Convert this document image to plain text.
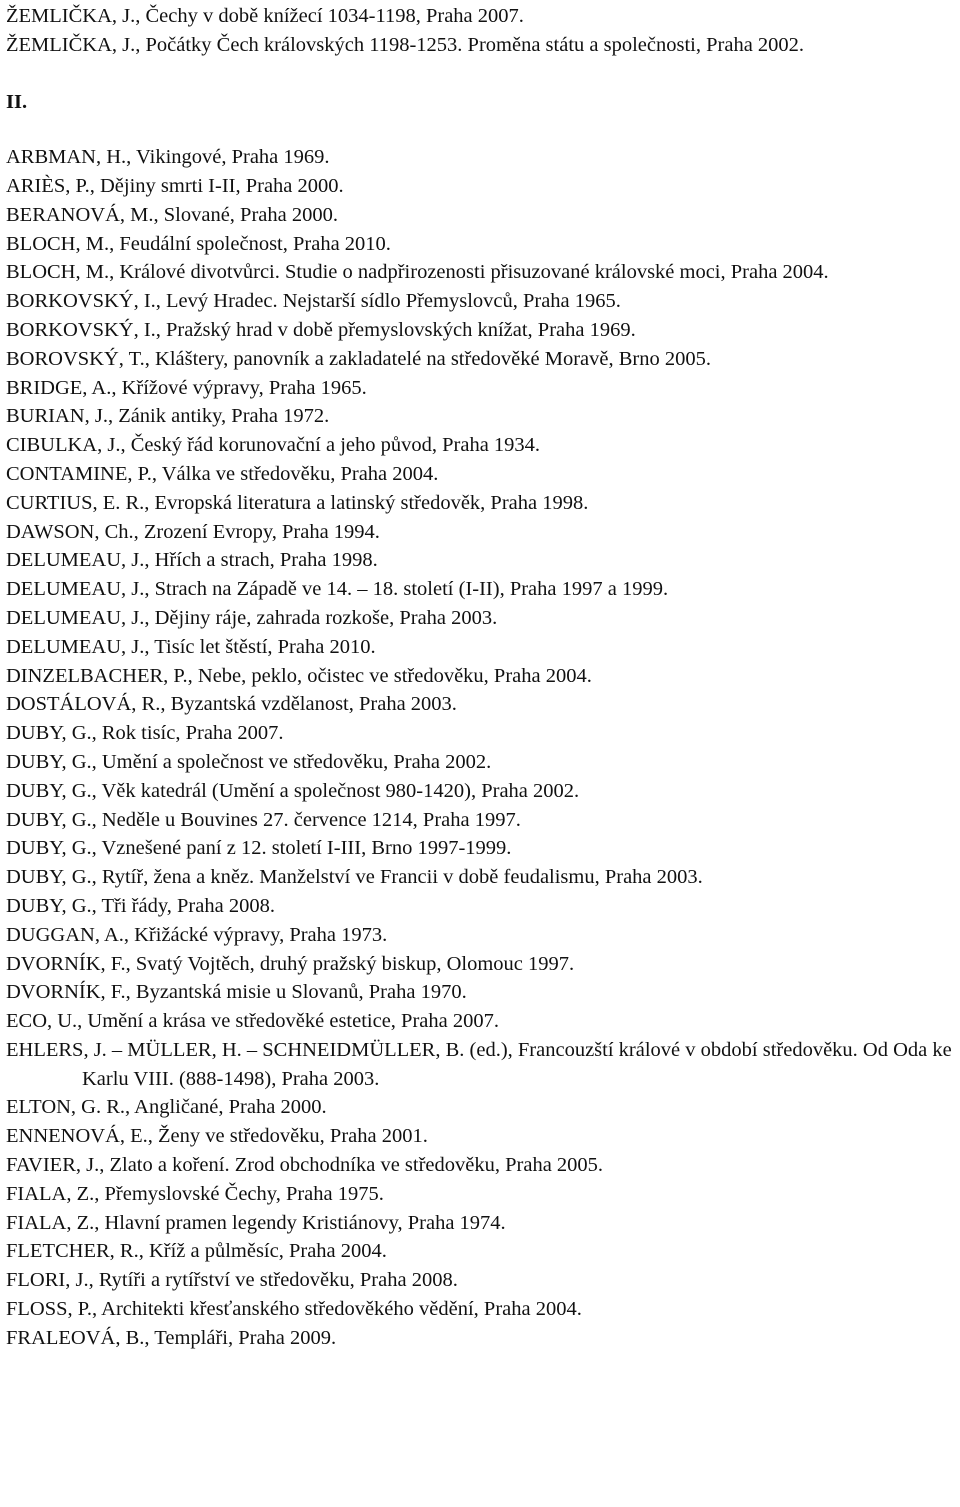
ŽEMLIČKA, J., Čechy v době knížecí 1034-1198, Praha 2007.

ŽEMLIČKA, J., Počátky Čech královských 1198-1253. Proměna státu a společnosti, Praha 2002.

II.

ARBMAN, H., Vikingové, Praha 1969.

ARIÈS, P., Dějiny smrti I-II, Praha 2000.

BERANOVÁ, M., Slované, Praha 2000.

BLOCH, M., Feudální společnost, Praha 2010.

BLOCH, M., Králové divotvůrci. Studie o nadpřirozenosti přisuzované královské moci, Praha 2004.

BORKOVSKÝ, I., Levý Hradec. Nejstarší sídlo Přemyslovců, Praha 1965.

BORKOVSKÝ, I., Pražský hrad v době přemyslovských knížat, Praha 1969.

BOROVSKÝ, T., Kláštery, panovník a zakladatelé na středověké Moravě, Brno 2005.

BRIDGE, A., Křížové výpravy, Praha 1965.

BURIAN, J., Zánik antiky, Praha 1972.

CIBULKA, J., Český řád korunovační a jeho původ, Praha 1934.

CONTAMINE, P., Válka ve středověku, Praha 2004.

CURTIUS, E. R., Evropská literatura a latinský středověk, Praha 1998.

DAWSON, Ch., Zrození Evropy, Praha 1994.

DELUMEAU, J., Hřích a strach, Praha 1998.

DELUMEAU, J., Strach na Západě ve 14. – 18. století (I-II), Praha 1997 a 1999.

DELUMEAU, J., Dějiny ráje, zahrada rozkoše, Praha 2003.

DELUMEAU, J., Tisíc let štěstí, Praha 2010.

DINZELBACHER, P., Nebe, peklo, očistec ve středověku, Praha 2004.

DOSTÁLOVÁ, R., Byzantská vzdělanost, Praha 2003.

DUBY, G., Rok tisíc, Praha 2007.

DUBY, G., Umění a společnost ve středověku, Praha 2002.

DUBY, G., Věk katedrál (Umění a společnost 980-1420), Praha 2002.

DUBY, G., Neděle u Bouvines 27. července 1214, Praha 1997.

DUBY, G., Vznešené paní z 12. století I-III, Brno 1997-1999.

DUBY, G., Rytíř, žena a kněz. Manželství ve Francii v době feudalismu, Praha 2003.

DUBY, G., Tři řády, Praha 2008.

DUGGAN, A., Křižácké výpravy, Praha 1973.

DVORNÍK, F., Svatý Vojtěch, druhý pražský biskup, Olomouc 1997.

DVORNÍK, F., Byzantská misie u Slovanů, Praha 1970.

ECO, U., Umění a krása ve středověké estetice, Praha 2007.

EHLERS, J. – MÜLLER, H. – SCHNEIDMÜLLER, B. (ed.), Francouzští králové v období středověku. Od Oda ke Karlu VIII. (888-1498), Praha 2003.

ELTON, G. R., Angličané, Praha 2000.

ENNENOVÁ, E., Ženy ve středověku, Praha 2001.

FAVIER, J., Zlato a koření. Zrod obchodníka ve středověku, Praha 2005.

FIALA, Z., Přemyslovské Čechy, Praha 1975.

FIALA, Z., Hlavní pramen legendy Kristiánovy, Praha 1974.

FLETCHER, R., Kříž a půlměsíc, Praha 2004.

FLORI, J., Rytíři a rytířství ve středověku, Praha 2008.

FLOSS, P., Architekti křesťanského středověkého vědění, Praha 2004.

FRALEOVÁ, B., Templáři, Praha 2009.
